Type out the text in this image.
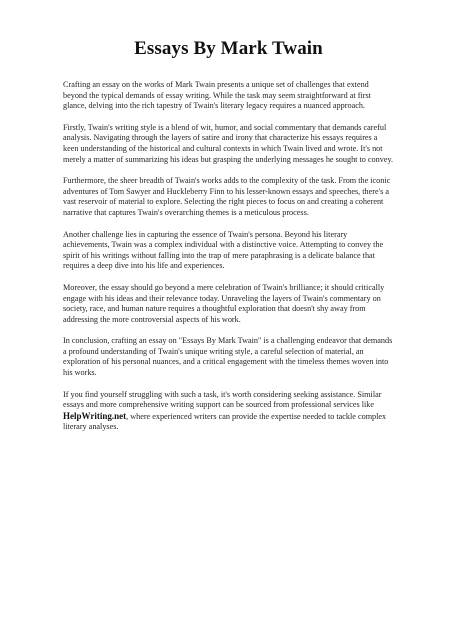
Essays By Mark Twain

Crafting an essay on the works of Mark Twain presents a unique set of challenges that extend beyond the typical demands of essay writing. While the task may seem straightforward at first glance, delving into the rich tapestry of Twain's literary legacy requires a nuanced approach.

Firstly, Twain's writing style is a blend of wit, humor, and social commentary that demands careful analysis. Navigating through the layers of satire and irony that characterize his essays requires a keen understanding of the historical and cultural contexts in which Twain lived and wrote. It's not merely a matter of summarizing his ideas but grasping the underlying messages he sought to convey.

Furthermore, the sheer breadth of Twain's works adds to the complexity of the task. From the iconic adventures of Tom Sawyer and Huckleberry Finn to his lesser-known essays and speeches, there's a vast reservoir of material to explore. Selecting the right pieces to focus on and creating a coherent narrative that captures Twain's overarching themes is a meticulous process.

Another challenge lies in capturing the essence of Twain's persona. Beyond his literary achievements, Twain was a complex individual with a distinctive voice. Attempting to convey the spirit of his writings without falling into the trap of mere paraphrasing is a delicate balance that requires a deep dive into his life and experiences.

Moreover, the essay should go beyond a mere celebration of Twain's brilliance; it should critically engage with his ideas and their relevance today. Unraveling the layers of Twain's commentary on society, race, and human nature requires a thoughtful exploration that doesn't shy away from addressing the more controversial aspects of his work.

In conclusion, crafting an essay on "Essays By Mark Twain" is a challenging endeavor that demands a profound understanding of Twain's unique writing style, a careful selection of material, an exploration of his personal nuances, and a critical engagement with the timeless themes woven into his works.

If you find yourself struggling with such a task, it's worth considering seeking assistance. Similar essays and more comprehensive writing support can be sourced from professional services like HelpWriting.net, where experienced writers can provide the expertise needed to tackle complex literary analyses.
